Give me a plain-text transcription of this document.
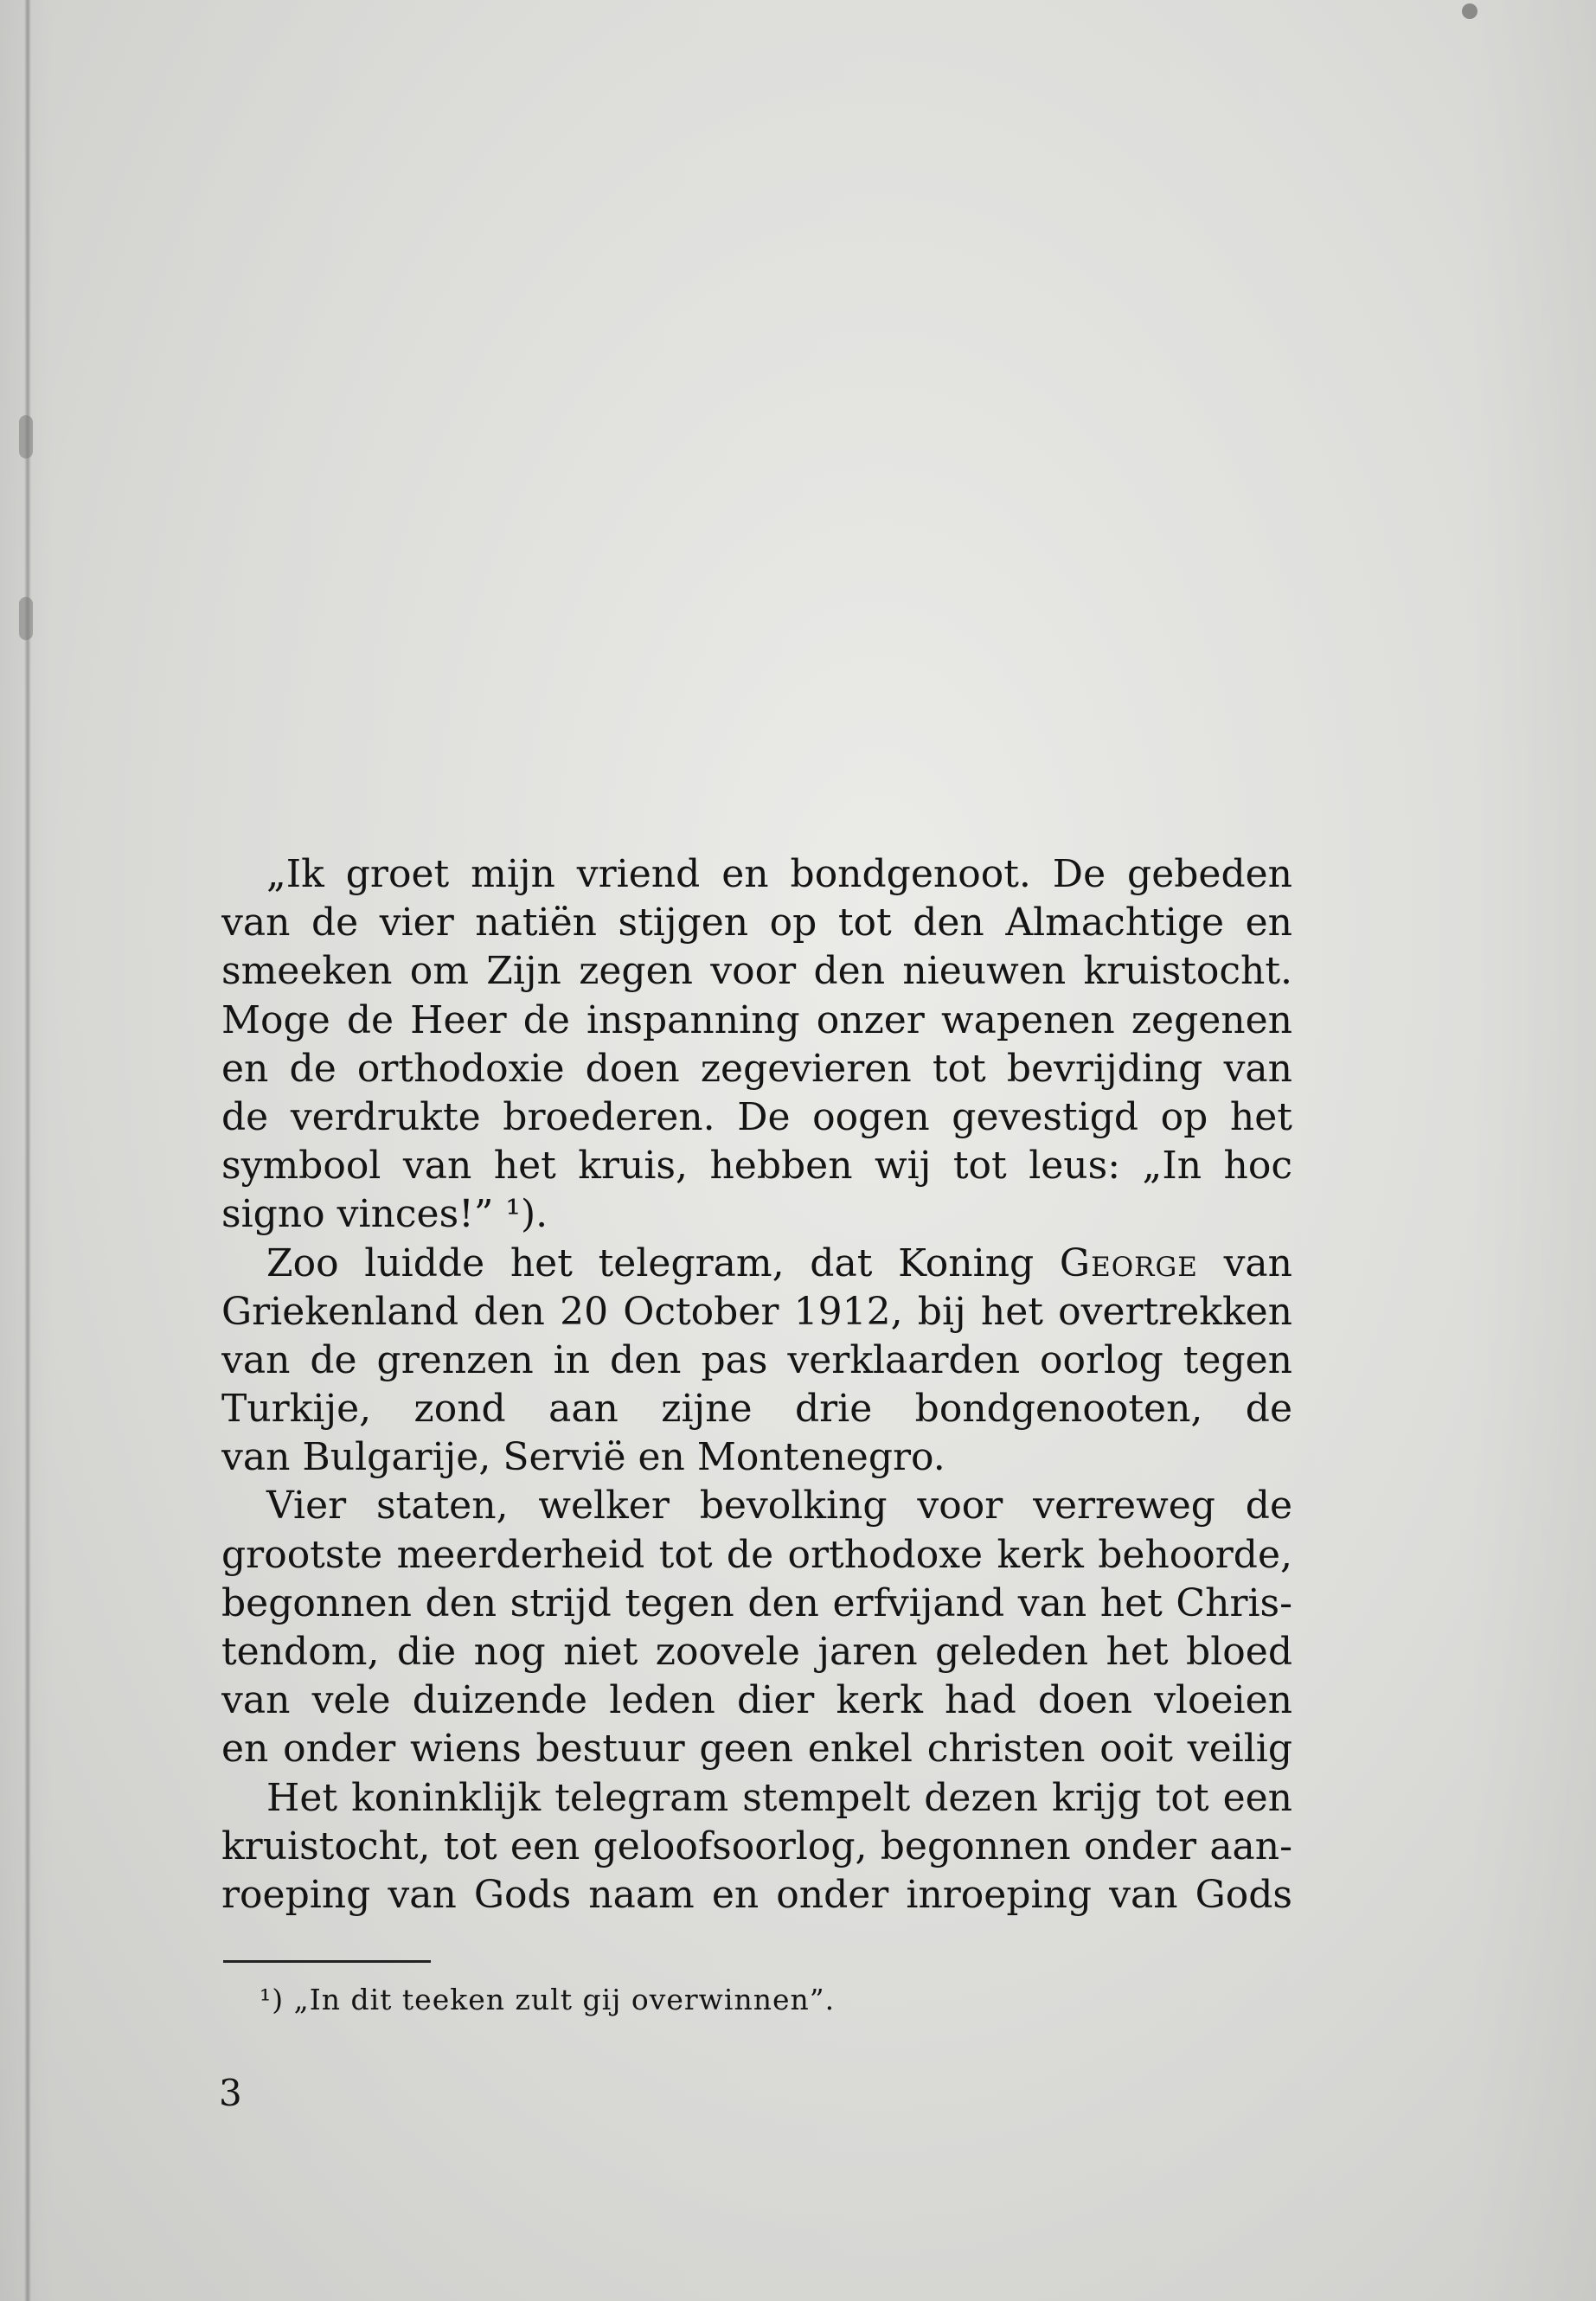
„Ik groet mijn vriend en bondgenoot. De gebeden
van de vier natiën stijgen op tot den Almachtige en
smeeken om Zijn zegen voor den nieuwen kruistocht.
Moge de Heer de inspanning onzer wapenen zegenen
en de orthodoxie doen zegevieren tot bevrijding van
de verdrukte broederen. De oogen gevestigd op het
symbool van het kruis, hebben wij tot leus: „In hoc
signo vinces!” ¹).
Zoo luidde het telegram, dat Koning George van
Griekenland den 20 October 1912, bij het overtrekken
van de grenzen in den pas verklaarden oorlog tegen
Turkije, zond aan zijne drie bondgenooten, de
van Bulgarije, Servië en Montenegro.
Vier staten, welker bevolking voor verreweg de
grootste meerderheid tot de orthodoxe kerk behoorde,
begonnen den strijd tegen den erfvijand van het Chris-
tendom, die nog niet zoovele jaren geleden het bloed
van vele duizende leden dier kerk had doen vloeien
en onder wiens bestuur geen enkel christen ooit veilig
Het koninklijk telegram stempelt dezen krijg tot een
kruistocht, tot een geloofsoorlog, begonnen onder aan-
roeping van Gods naam en onder inroeping van Gods
¹) „In dit teeken zult gij overwinnen”.
3
